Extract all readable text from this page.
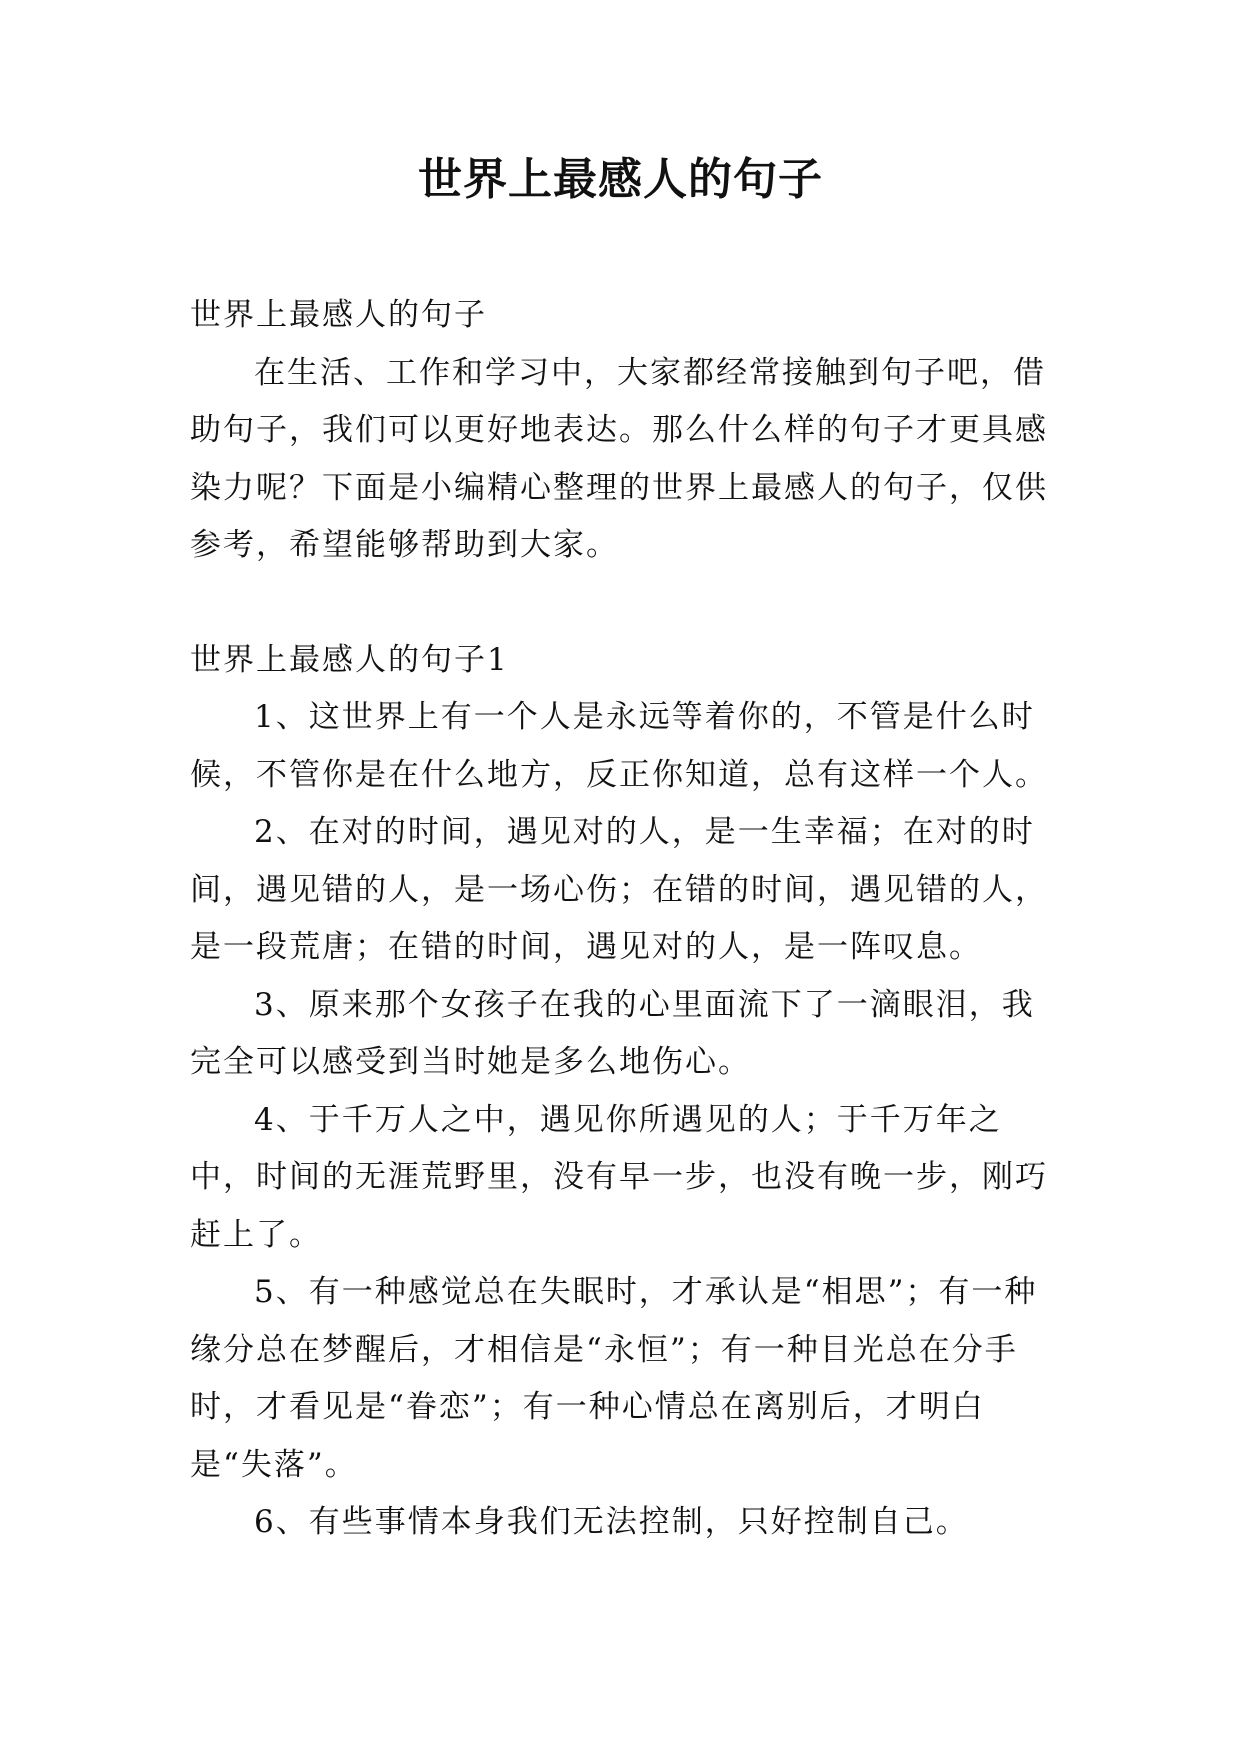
世界上最感人的句子

世界上最感人的句子

在生活、工作和学习中，大家都经常接触到句子吧，借助句子，我们可以更好地表达。那么什么样的句子才更具感染力呢？下面是小编精心整理的世界上最感人的句子，仅供参考，希望能够帮助到大家。

世界上最感人的句子1

1、这世界上有一个人是永远等着你的，不管是什么时候，不管你是在什么地方，反正你知道，总有这样一个人。

2、在对的时间，遇见对的人，是一生幸福；在对的时间，遇见错的人，是一场心伤；在错的时间，遇见错的人，是一段荒唐；在错的时间，遇见对的人，是一阵叹息。

3、原来那个女孩子在我的心里面流下了一滴眼泪，我完全可以感受到当时她是多么地伤心。

4、于千万人之中，遇见你所遇见的人；于千万年之中，时间的无涯荒野里，没有早一步，也没有晚一步，刚巧赶上了。

5、有一种感觉总在失眠时，才承认是“相思”；有一种缘分总在梦醒后，才相信是“永恒”；有一种目光总在分手时，才看见是“眷恋”；有一种心情总在离别后，才明白是“失落”。

6、有些事情本身我们无法控制，只好控制自己。
